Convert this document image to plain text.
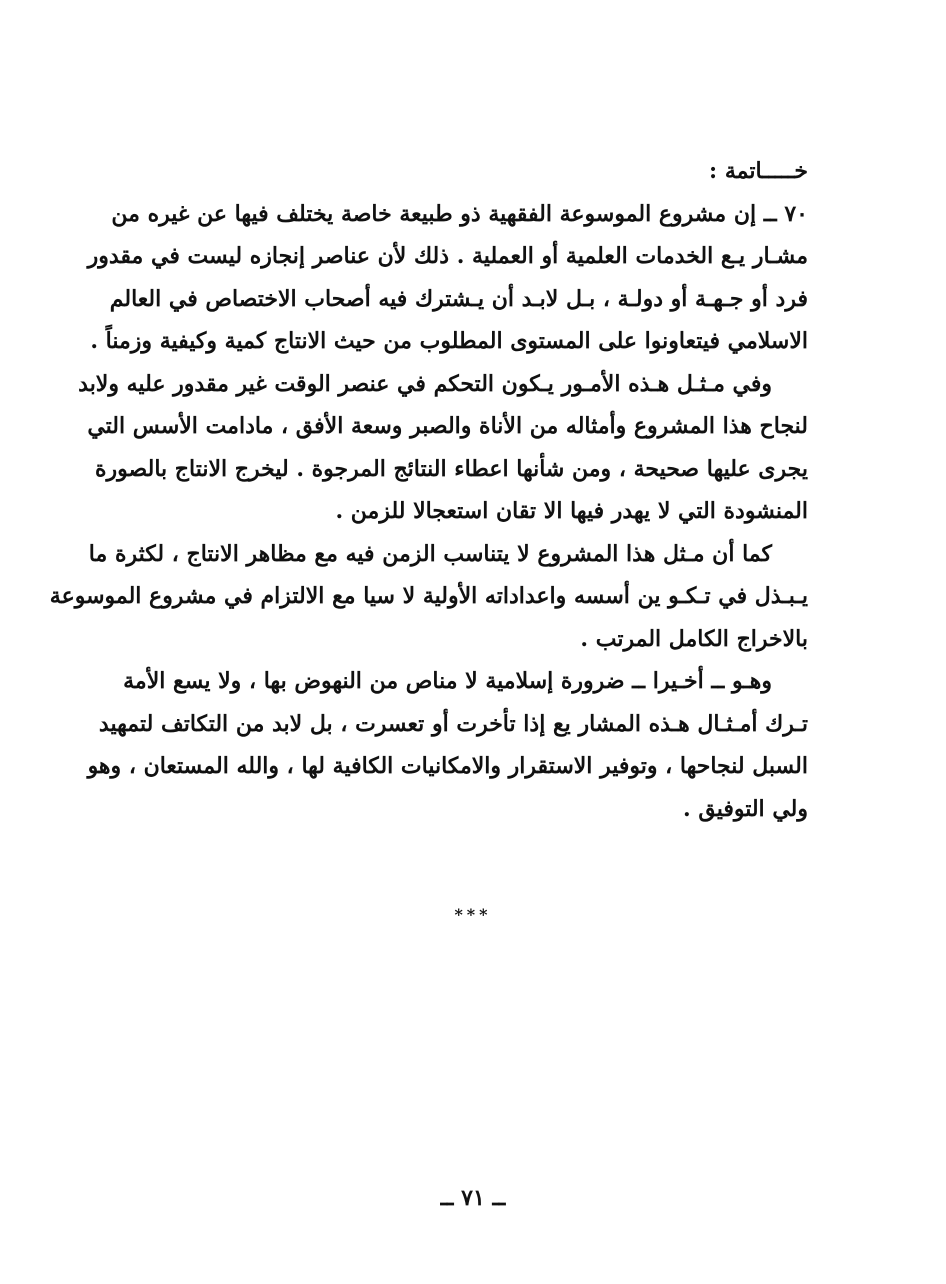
خـــــاتمة :
٧٠ ــ إن مشروع الموسوعة الفقهية ذو طبيعة خاصة يختلف فيها عن غيره من
مشـار يـع الخدمات العلمية أو العملية . ذلك لأن عناصر إنجازه ليست في مقدور
فرد أو جـهـة أو دولـة ، بـل لابـد أن يـشترك فيه أصحاب الاختصاص في العالم
الاسلامي فيتعاونوا على المستوى المطلوب من حيث الانتاج كمية وكيفية وزمناً .
وفي مـثـل هـذه الأمـور يـكون التحكم في عنصر الوقت غير مقدور عليه ولابد
لنجاح هذا المشروع وأمثاله من الأناة والصبر وسعة الأفق ، مادامت الأسس التي
يجرى عليها صحيحة ، ومن شأنها اعطاء النتائج المرجوة . ليخرج الانتاج بالصورة
المنشودة التي لا يهدر فيها الا تقان استعجالا للزمن .
كما أن مـثل هذا المشروع لا يتناسب الزمن فيه مع مظاهر الانتاج ، لكثرة ما
يـبـذل في تـكـو ين أسسه واعداداته الأولية لا سيا مع الالتزام في مشروع الموسوعة
بالاخراج الكامل المرتب .
وهـو ــ أخـيرا ــ ضرورة إسلامية لا مناص من النهوض بها ، ولا يسع الأمة
تـرك أمـثـال هـذه المشار يع إذا تأخرت أو تعسرت ، بل لابد من التكاتف لتمهيد
السبل لنجاحها ، وتوفير الاستقرار والامكانيات الكافية لها ، والله المستعان ، وهو
ولي التوفيق .
***
ــ ٧١ ــ
